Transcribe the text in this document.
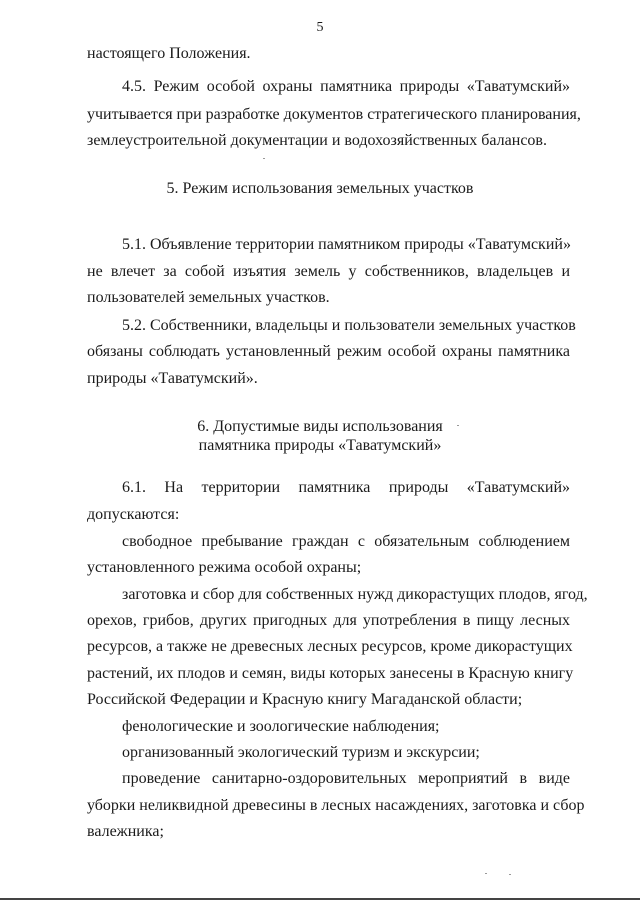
5

настоящего Положения.

4.5. Режим особой охраны памятника природы «Таватумский»

учитывается при разработке документов стратегического планирования,

землеустроительной документации и водохозяйственных балансов.

5. Режим использования земельных участков

5.1. Объявление территории памятником природы «Таватумский»

не влечет за собой изъятия земель у собственников, владельцев и

пользователей земельных участков.

5.2. Собственники, владельцы и пользователи земельных участков

обязаны соблюдать установленный режим особой охраны памятника

природы «Таватумский».

6. Допустимые виды использования

памятника природы «Таватумский»

6.1. На территории памятника природы «Таватумский»

допускаются:

свободное пребывание граждан с обязательным соблюдением

установленного режима особой охраны;

заготовка и сбор для собственных нужд дикорастущих плодов, ягод,

орехов, грибов, других пригодных для употребления в пищу лесных

ресурсов, а также не древесных лесных ресурсов, кроме дикорастущих

растений, их плодов и семян, виды которых занесены в Красную книгу

Российской Федерации и Красную книгу Магаданской области;

фенологические и зоологические наблюдения;

организованный экологический туризм и экскурсии;

проведение санитарно-оздоровительных мероприятий в виде

уборки неликвидной древесины в лесных насаждениях, заготовка и сбор

валежника;
